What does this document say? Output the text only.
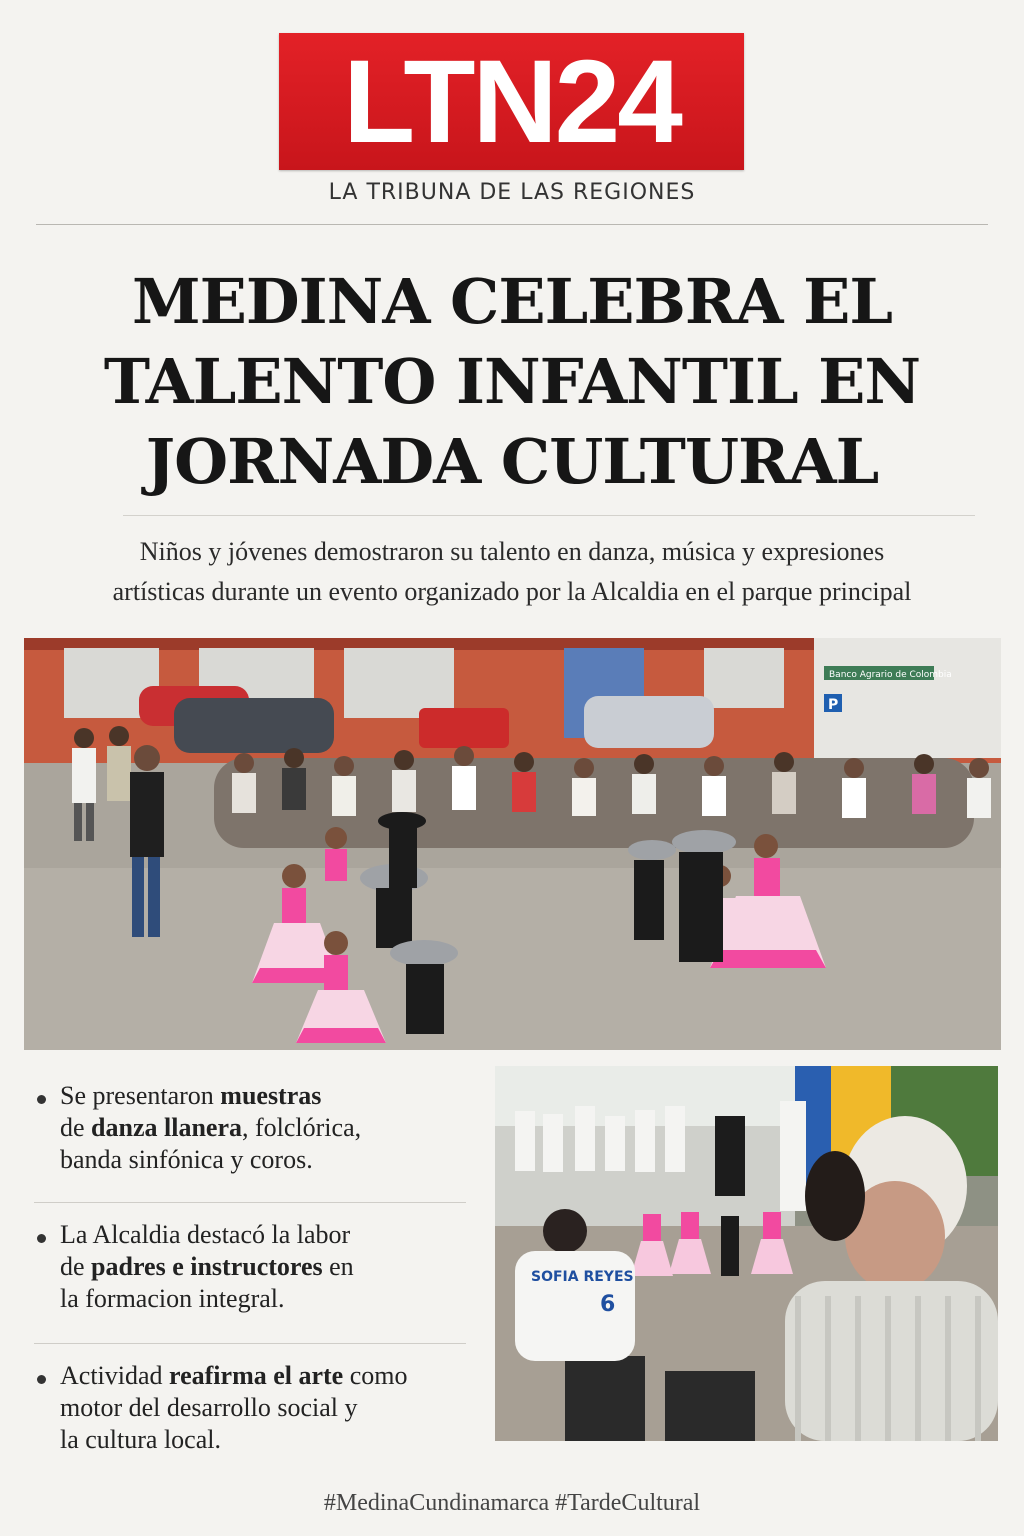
LTN24
LA TRIBUNA DE LAS REGIONES
MEDINA CELEBRA EL
TALENTO INFANTIL EN
JORNADA CULTURAL

Niños y jóvenes demostraron su talento en danza, música y expresiones
artísticas durante un evento organizado por la Alcaldia en el parque principal

Banco Agrario de Colombia
P
Se presentaron muestras
de danza llanera, folclórica,
banda sinfónica y coros.
La Alcaldia destacó la labor
de padres e instructores en
la formacion integral.
Actividad reafirma el arte como
motor del desarrollo social y
la cultura local.
SOFIA REYES
6
#MedinaCundinamarca #TardeCultural
